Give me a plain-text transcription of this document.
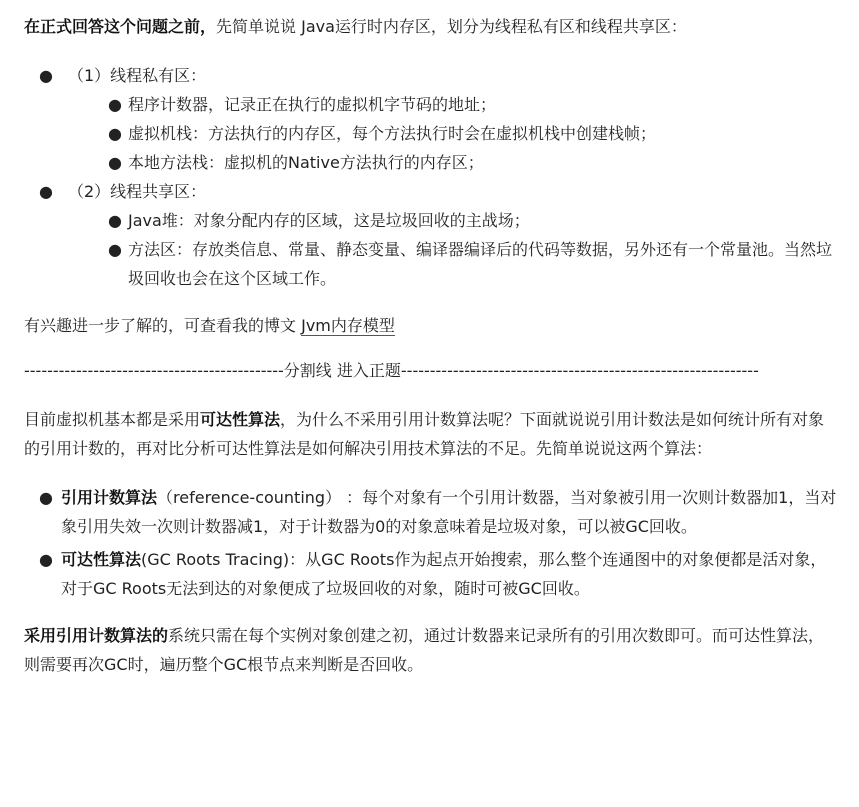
在正式回答这个问题之前，先简单说说 Java运行时内存区，划分为线程私有区和线程共享区：

● （1）线程私有区：
● 程序计数器，记录正在执行的虚拟机字节码的地址；
● 虚拟机栈：方法执行的内存区，每个方法执行时会在虚拟机栈中创建栈帧；
● 本地方法栈：虚拟机的Native方法执行的内存区；
● （2）线程共享区：
● Java堆：对象分配内存的区域，这是垃圾回收的主战场；
● 方法区：存放类信息、常量、静态变量、编译器编译后的代码等数据，另外还有一个常量池。当然垃圾回收也会在这个区域工作。

有兴趣进一步了解的，可查看我的博文 Jvm内存模型

---------------------------------------------分割线 进入正题--------------------------------------------------------------

目前虚拟机基本都是采用可达性算法，为什么不采用引用计数算法呢？下面就说说引用计数法是如何统计所有对象的引用计数的，再对比分析可达性算法是如何解决引用技术算法的不足。先简单说说这两个算法：

● 引用计数算法（reference-counting） ：每个对象有一个引用计数器，当对象被引用一次则计数器加1，当对象引用失效一次则计数器减1，对于计数器为0的对象意味着是垃圾对象，可以被GC回收。
● 可达性算法(GC Roots Tracing)：从GC Roots作为起点开始搜索，那么整个连通图中的对象便都是活对象，对于GC Roots无法到达的对象便成了垃圾回收的对象，随时可被GC回收。

采用引用计数算法的系统只需在每个实例对象创建之初，通过计数器来记录所有的引用次数即可。而可达性算法，则需要再次GC时，遍历整个GC根节点来判断是否回收。
